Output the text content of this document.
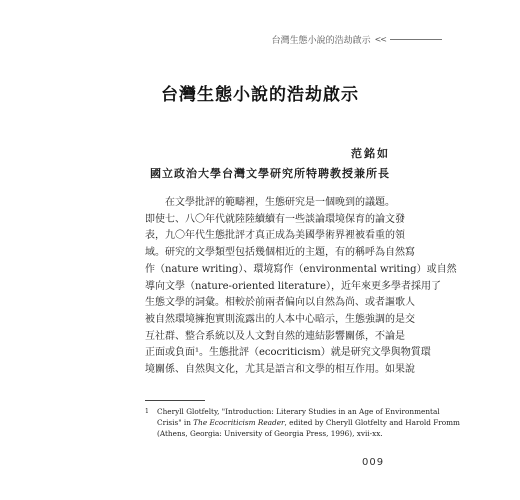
台灣生態小說的浩劫啟示 <<
台灣生態小說的浩劫啟示
范銘如
國立政治大學台灣文學研究所特聘教授兼所長
　　在文學批評的範疇裡，生態研究是一個晚到的議題。
即使七、八〇年代就陸陸續續有一些談論環境保育的論文發
表，九〇年代生態批評才真正成為美國學術界裡被看重的領
域。研究的文學類型包括幾個相近的主題，有的稱呼為自然寫
作（nature writing）、環境寫作（environmental writing）或自然
導向文學（nature-oriented literature），近年來更多學者採用了
生態文學的詞彙。相較於前兩者偏向以自然為尚、或者謳歌人
被自然環境擁抱實則流露出的人本中心暗示，生態強調的是交
互社群、整合系統以及人文對自然的連結影響關係，不論是
正面或負面¹。生態批評（ecocriticism）就是研究文學與物質環
境關係、自然與文化，尤其是語言和文學的相互作用。如果說
1 Cheryll Glotfelty, "Introduction: Literary Studies in an Age of Environmental
Crisis" in The Ecocriticism Reader, edited by Cheryll Glotfelty and Harold Fromm
(Athens, Georgia: University of Georgia Press, 1996), xvii-xx.
009
